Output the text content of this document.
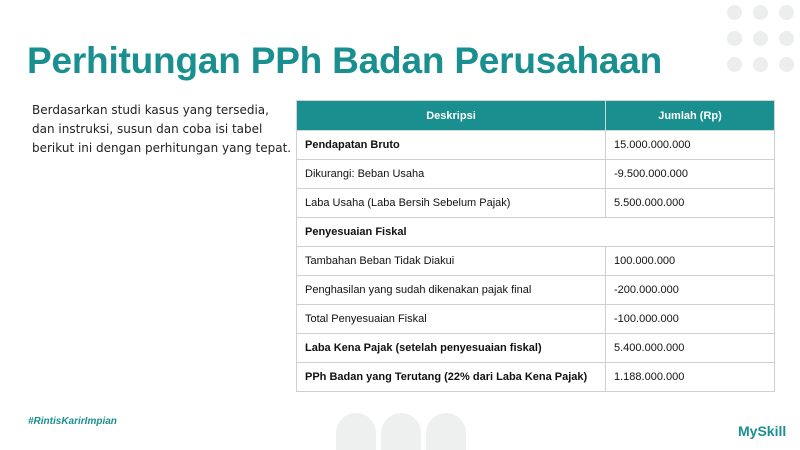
Perhitungan PPh Badan Perusahaan

Berdasarkan studi kasus yang tersedia, dan instruksi, susun dan coba isi tabel berikut ini dengan perhitungan yang tepat.

Deskripsi	Jumlah (Rp)
Pendapatan Bruto	15.000.000.000
Dikurangi: Beban Usaha	-9.500.000.000
Laba Usaha (Laba Bersih Sebelum Pajak)	5.500.000.000
Penyesuaian Fiskal	
Tambahan Beban Tidak Diakui	100.000.000
Penghasilan yang sudah dikenakan pajak final	-200.000.000
Total Penyesuaian Fiskal	-100.000.000
Laba Kena Pajak (setelah penyesuaian fiskal)	5.400.000.000
PPh Badan yang Terutang (22% dari Laba Kena Pajak)	1.188.000.000
#RintisKarirImpian
MySkill
